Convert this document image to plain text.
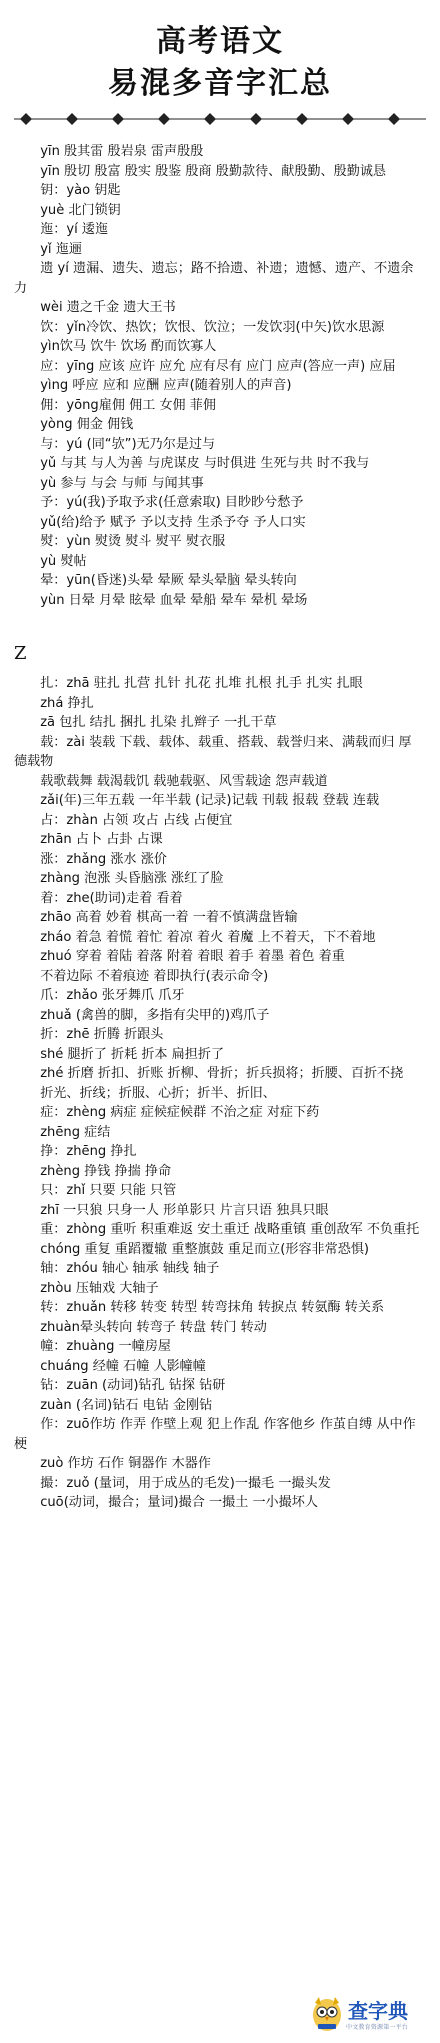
高考语文
易混多音字汇总

yīn 殷其雷 殷岩泉 雷声殷殷

yīn 殷切 殷富 殷实 殷鉴 殷商 殷勤款待、献殷勤、殷勤诚恳

钥：yào 钥匙

yuè 北门锁钥

迤：yí 逶迤

yǐ 迤逦

遗 yí 遗漏、遗失、遗忘；路不拾遗、补遗；遗憾、遗产、不遗余力

wèi 遗之千金 遗大王书

饮：yǐn冷饮、热饮；饮恨、饮泣；一发饮羽(中矢)饮水思源

yìn饮马 饮牛 饮场 酌而饮寡人

应：yīng 应该 应许 应允 应有尽有 应门 应声(答应一声) 应届

yìng 呼应 应和 应酬 应声(随着别人的声音)

佣：yōng雇佣 佣工 女佣 菲佣

yòng 佣金 佣钱

与：yú (同“欤”)无乃尔是过与

yǔ 与其 与人为善 与虎谋皮 与时俱进 生死与共 时不我与

yù 参与 与会 与师 与闻其事

予：yú(我)予取予求(任意索取) 目眇眇兮愁予

yǔ(给)给予 赋予 予以支持 生杀予夺 予人口实

熨：yùn 熨烫 熨斗 熨平 熨衣服

yù 熨帖

晕：yūn(昏迷)头晕 晕厥 晕头晕脑 晕头转向

yùn 日晕 月晕 眩晕 血晕 晕船 晕车 晕机 晕场

Z

扎：zhā 驻扎 扎营 扎针 扎花 扎堆 扎根 扎手 扎实 扎眼

zhá 挣扎

zā 包扎 结扎 捆扎 扎染 扎辫子 一扎干草

载：zài 装载 下载、载体、载重、搭载、载誉归来、满载而归 厚德载物

载歌载舞 载渴载饥 载驰载驱、风雪载途 怨声载道

zǎi(年)三年五载 一年半载 (记录)记载 刊载 报载 登载 连载

占：zhàn 占领 攻占 占线 占便宜

zhān 占卜 占卦 占课

涨：zhǎng 涨水 涨价

zhàng 泡涨 头昏脑涨 涨红了脸

着：zhe(助词)走着 看着

zhāo 高着 妙着 棋高一着 一着不慎满盘皆输

zháo 着急 着慌 着忙 着凉 着火 着魔 上不着天，下不着地

zhuó 穿着 着陆 着落 附着 着眼 着手 着墨 着色 着重

不着边际 不着痕迹 着即执行(表示命令)

爪：zhǎo 张牙舞爪 爪牙

zhuǎ (禽兽的脚，多指有尖甲的)鸡爪子

折：zhē 折腾 折跟头

shé 腿折了 折耗 折本 扁担折了

zhé 折磨 折扣、折账 折柳、骨折；折兵损将；折腰、百折不挠

折光、折线；折服、心折；折半、折旧、

症：zhèng 病症 症候症候群 不治之症 对症下药

zhēng 症结

挣：zhēng 挣扎

zhèng 挣钱 挣揣 挣命

只：zhǐ 只要 只能 只管

zhī 一只狼 只身一人 形单影只 片言只语 独具只眼

重：zhòng 重听 积重难返 安土重迁 战略重镇 重创敌军 不负重托

chóng 重复 重蹈覆辙 重整旗鼓 重足而立(形容非常恐惧)

轴：zhóu 轴心 轴承 轴线 轴子

zhòu 压轴戏 大轴子

转：zhuǎn 转移 转变 转型 转弯抹角 转捩点 转氨酶 转关系

zhuàn晕头转向 转弯子 转盘 转门 转动

幢：zhuàng 一幢房屋

chuáng 经幢 石幢 人影幢幢

钻：zuān (动词)钻孔 钻探 钻研

zuàn (名词)钻石 电钻 金刚钻

作：zuō作坊 作弄 作壁上观 犯上作乱 作客他乡 作茧自缚 从中作梗

zuò 作坊 石作 铜器作 木器作

撮：zuǒ (量词，用于成丛的毛发)一撮毛 一撮头发

cuō(动词，撮合；量词)撮合 一撮土 一小撮坏人

查字典
中文教育资源第一平台
